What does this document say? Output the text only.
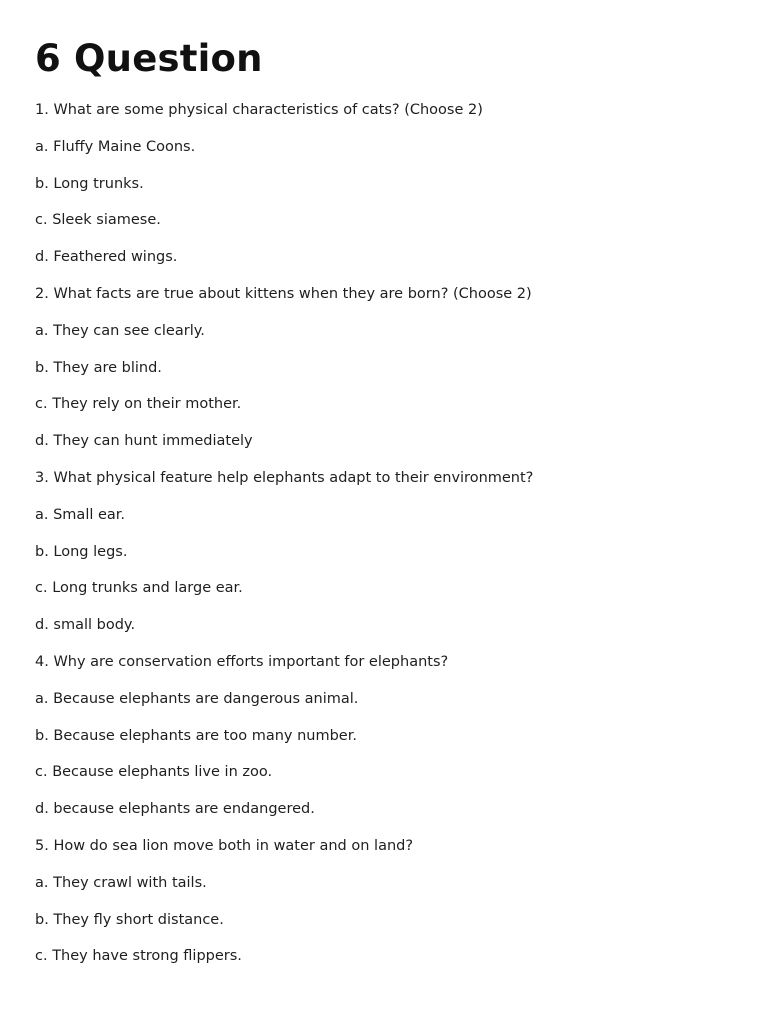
6 Question

1. What are some physical characteristics of cats? (Choose 2)

a. Fluffy Maine Coons.

b. Long trunks.

c. Sleek siamese.

d. Feathered wings.

2. What facts are true about kittens when they are born? (Choose 2)

a. They can see clearly.

b. They are blind.

c. They rely on their mother.

d. They can hunt immediately

3. What physical feature help elephants adapt to their environment?

a. Small ear.

b. Long legs.

c. Long trunks and large ear.

d. small body.

4. Why are conservation efforts important for elephants?

a. Because elephants are dangerous animal.

b. Because elephants are too many number.

c. Because elephants live in zoo.

d. because elephants are endangered.

5. How do sea lion move both in water and on land?

a. They crawl with tails.

b. They fly short distance.

c. They have strong flippers.
